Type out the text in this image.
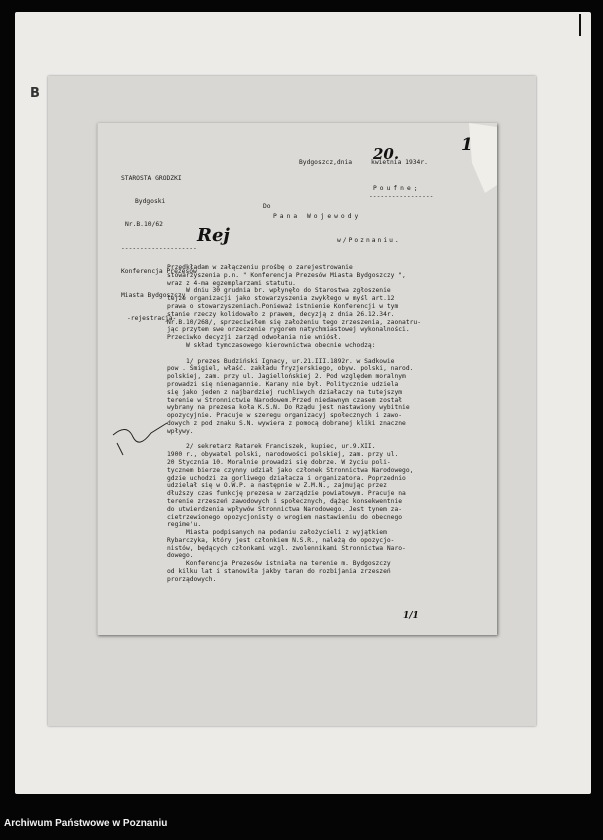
B

STAROSTA GRODZKI

Bydgoski

Nr.B.10/62

--------------------

Konferencja Prezesów

Miasta Bydgoszczy

-rejestracja-

Bydgoszcz,dnia     kwietnia 1934r.
20.	1
Poufne;
-----------------
Do
Pana Wojewody
w/Poznaniu.
Rej
Przedkładam w załączeniu prośbę o zarejestrowanie
stowarzyszenia p.n. " Konferencja Prezesów Miasta Bydgoszczy ",
wraz z 4-ma egzemplarzami statutu.
W dniu 30 grudnia br. wpłynęło do Starostwa zgłoszenie
tejże organizacji jako stowarzyszenia zwykłego w myśl art.12
prawa o stowarzyszeniach.Ponieważ istnienie Konferencji w tym
stanie rzeczy kolidowało z prawem, decyzją z dnia 26.12.34r.
Nr.B.10/268/, sprzeciwiłem się założeniu tego zrzeszenia, zaonatru-
jąc przytem swe orzeczenie rygorem natychmiastowej wykonalności.
Przeciwko decyzji zarząd odwołania nie wniósł.
W skład tymczasowego kierownictwa obecnie wchodzą:

1/ prezes Budziński Ignacy, ur.21.III.1892r. w Sadkowie
pow . Śmigiel, właść. zakładu fryzjerskiego, obyw. polski, narod.
polskiej, zam. przy ul. Jagiellońskiej 2. Pod względem moralnym
prowadzi się nienagannie. Karany nie był. Politycznie udziela
się jako jeden z najbardziej ruchliwych działaczy na tutejszym
terenie w Stronnictwie Narodowem.Przed niedawnym czasem został
wybrany na prezesa koła K.S.N. Do Rządu jest nastawiony wybitnie
opozycyjnie. Pracuje w szeregu organizacyj społecznych i zawo-
dowych z pod znaku S.N. wywiera z pomocą dobranej kliki znaczne
wpływy.

2/ sekretarz Ratarek Franciszek, kupiec, ur.9.XII.
1900 r., obywatel polski, narodowości polskiej, zam. przy ul.
20 Stycznia 10. Moralnie prowadzi się dobrze. W życiu poli-
tycznem bierze czynny udział jako członek Stronnictwa Narodowego,
gdzie uchodzi za gorliwego działacza i organizatora. Poprzednio
udzielał się w O.W.P. a następnie w Z.M.N., zajmując przez
dłuższy czas funkcję prezesa w zarządzie powiatowym. Pracuje na
terenie zrzeszeń zawodowych i społecznych, dążąc konsekwentnie
do utwierdzenia wpływów Stronnictwa Narodowego. Jest tynem za-
cietrzewionego opozycjonisty o wrogiem nastawieniu do obecnego
regime'u.
Miasta podpisanych na podaniu założycieli z wyjątkiem
Rybarczyka, który jest członkiem N.S.R., należą do opozycjo-
nistów, będących członkami wzgl. zwolennikami Stronnictwa Naro-
dowego.
Konferencja Prezesów istniała na terenie m. Bydgoszczy
od kilku lat i stanowiła jakby taran do rozbijania zrzeszeń
prorządowych.
1/1
Archiwum Państwowe w Poznaniu
